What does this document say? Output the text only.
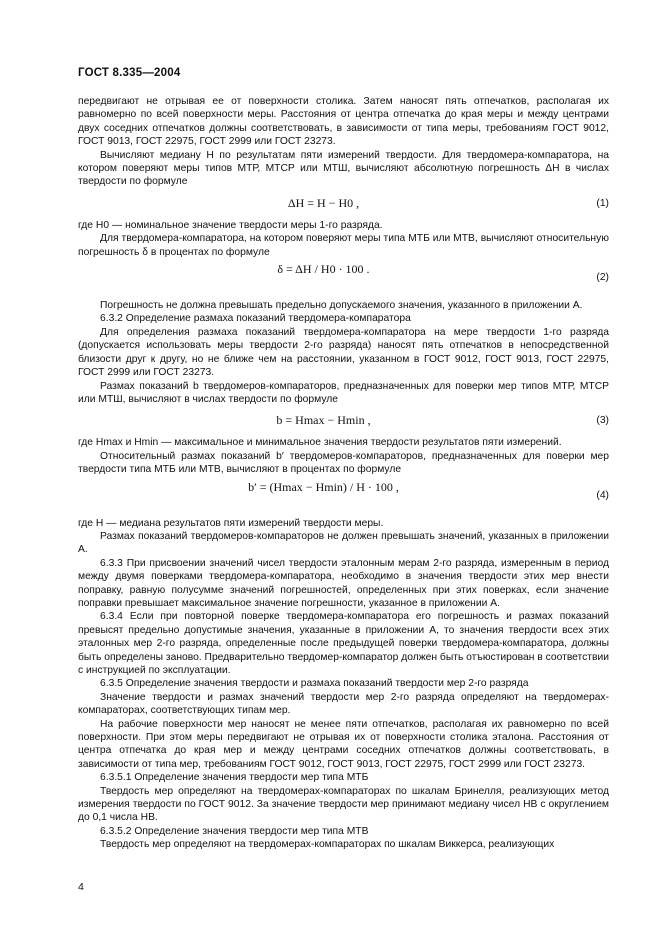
ГОСТ 8.335—2004

передвигают не отрывая ее от поверхности столика. Затем наносят пять отпечатков, располагая их равномерно по всей поверхности меры. Расстояния от центра отпечатка до края меры и между центрами двух соседних отпечатков должны соответствовать, в зависимости от типа меры, требованиям ГОСТ 9012, ГОСТ 9013, ГОСТ 22975, ГОСТ 2999 или ГОСТ 23273.

Вычисляют медиану H по результатам пяти измерений твердости. Для твердомера-компаратора, на котором поверяют меры типов МТР, МТСР или МТШ, вычисляют абсолютную погрешность ΔH в числах твердости по формуле

ΔH = H − H0 ,	(1)

где H0 — номинальное значение твердости меры 1-го разряда.

Для твердомера-компаратора, на котором поверяют меры типа МТБ или МТВ, вычисляют относительную погрешность δ в процентах по формуле

δ = ΔH / H0 · 100 .
(2)

Погрешность не должна превышать предельно допускаемого значения, указанного в приложении А.

6.3.2 Определение размаха показаний твердомера-компаратора

Для определения размаха показаний твердомера-компаратора на мере твердости 1-го разряда (допускается использовать меры твердости 2-го разряда) наносят пять отпечатков в непосредственной близости друг к другу, но не ближе чем на расстоянии, указанном в ГОСТ 9012, ГОСТ 9013, ГОСТ 22975, ГОСТ 2999 или ГОСТ 23273.

Размах показаний b твердомеров-компараторов, предназначенных для поверки мер типов МТР, МТСР или МТШ, вычисляют в числах твердости по формуле

b = Hmax − Hmin ,	(3)

где Hmax и Hmin — максимальное и минимальное значения твердости результатов пяти измерений.

Относительный размах показаний b′ твердомеров-компараторов, предназначенных для поверки мер твердости типа МТБ или МТВ, вычисляют в процентах по формуле

b′ = (Hmax − Hmin) / H · 100 ,
(4)

где H — медиана результатов пяти измерений твердости меры.

Размах показаний твердомеров-компараторов не должен превышать значений, указанных в приложении А.

6.3.3 При присвоении значений чисел твердости эталонным мерам 2-го разряда, измеренным в период между двумя поверками твердомера-компаратора, необходимо в значения твердости этих мер внести поправку, равную полусумме значений погрешностей, определенных при этих поверках, если значение поправки превышает максимальное значение погрешности, указанное в приложении А.

6.3.4 Если при повторной поверке твердомера-компаратора его погрешность и размах показаний превысят предельно допустимые значения, указанные в приложении А, то значения твердости всех этих эталонных мер 2-го разряда, определенные после предыдущей поверки твердомера-компаратора, должны быть определены заново. Предварительно твердомер-компаратор должен быть отъюстирован в соответствии с инструкцией по эксплуатации.

6.3.5 Определение значения твердости и размаха показаний твердости мер 2-го разряда

Значение твердости и размах значений твердости мер 2-го разряда определяют на твердомерах-компараторах, соответствующих типам мер.

На рабочие поверхности мер наносят не менее пяти отпечатков, располагая их равномерно по всей поверхности. При этом меры передвигают не отрывая их от поверхности столика эталона. Расстояния от центра отпечатка до края мер и между центрами соседних отпечатков должны соответствовать, в зависимости от типа мер, требованиям ГОСТ 9012, ГОСТ 9013, ГОСТ 22975, ГОСТ 2999 или ГОСТ 23273.

6.3.5.1 Определение значения твердости мер типа МТБ

Твердость мер определяют на твердомерах-компараторах по шкалам Бринелля, реализующих метод измерения твердости по ГОСТ 9012. За значение твердости мер принимают медиану чисел НВ с округлением до 0,1 числа НВ.

6.3.5.2 Определение значения твердости мер типа МТВ

Твердость мер определяют на твердомерах-компараторах по шкалам Виккерса, реализующих

4
